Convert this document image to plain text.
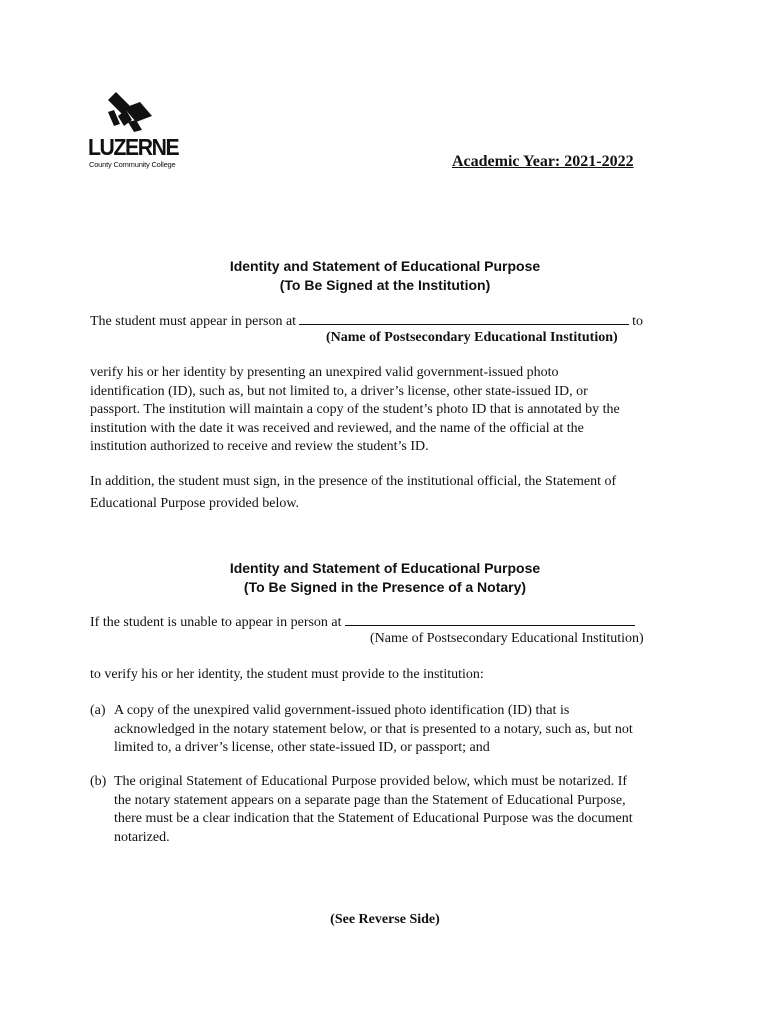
LUZERNE
County Community College	Academic Year: 2021-2022
Identity and Statement of Educational Purpose
(To Be Signed at the Institution)
The student must appear in person at	to
(Name of Postsecondary Educational Institution)
verify his or her identity by presenting an unexpired valid government-issued photo
identification (ID), such as, but not limited to, a driver’s license, other state-issued ID, or
passport. The institution will maintain a copy of the student’s photo ID that is annotated by the
institution with the date it was received and reviewed, and the name of the official at the
institution authorized to receive and review the student’s ID.
In addition, the student must sign, in the presence of the institutional official, the Statement of
Educational Purpose provided below.
Identity and Statement of Educational Purpose
(To Be Signed in the Presence of a Notary)
If the student is unable to appear in person at
(Name of Postsecondary Educational Institution)
to verify his or her identity, the student must provide to the institution:
(a) A copy of the unexpired valid government-issued photo identification (ID) that is
acknowledged in the notary statement below, or that is presented to a notary, such as, but not
limited to, a driver’s license, other state-issued ID, or passport; and
(b) The original Statement of Educational Purpose provided below, which must be notarized. If
the notary statement appears on a separate page than the Statement of Educational Purpose,
there must be a clear indication that the Statement of Educational Purpose was the document
notarized.
(See Reverse Side)
